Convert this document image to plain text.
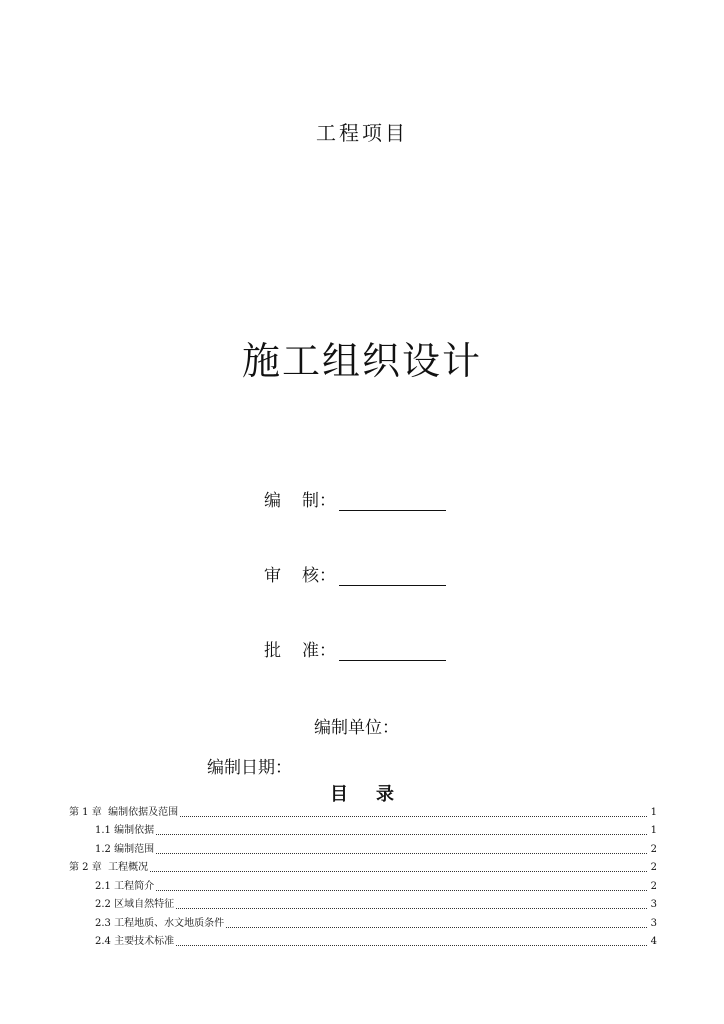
工程项目
施工组织设计
编	制：
审	核：
批	准：
编制单位：
编制日期：
目录
第 1 章 编制依据及范围	1
1.1 编制依据	1
1.2 编制范围	2
第 2 章 工程概况	2
2.1 工程简介	2
2.2 区域自然特征	3
2.3 工程地质、水文地质条件	3
2.4 主要技术标准	4
